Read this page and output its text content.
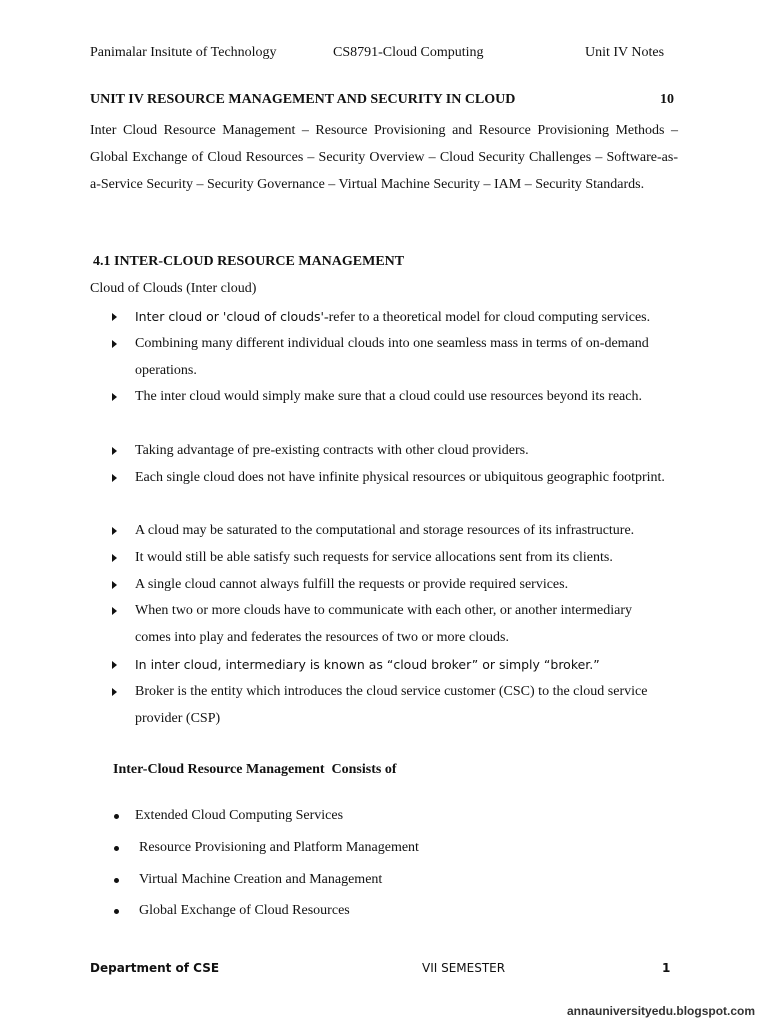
Panimalar Insitute of Technology	CS8791-Cloud Computing	Unit IV Notes
UNIT IV RESOURCE MANAGEMENT AND SECURITY IN CLOUD	10
Inter Cloud Resource Management – Resource Provisioning and Resource Provisioning Methods – Global Exchange of Cloud Resources – Security Overview – Cloud Security Challenges – Software-as-a-Service Security – Security Governance – Virtual Machine Security – IAM – Security Standards.
4.1 INTER-CLOUD RESOURCE MANAGEMENT
Cloud of Clouds (Inter cloud)
Inter cloud or 'cloud of clouds'-refer to a theoretical model for cloud computing services.
Combining many different individual clouds into one seamless mass in terms of on-demand operations.
The inter cloud would simply make sure that a cloud could use resources beyond its reach.
Taking advantage of pre-existing contracts with other cloud providers.
Each single cloud does not have infinite physical resources or ubiquitous geographic footprint.
A cloud may be saturated to the computational and storage resources of its infrastructure.
It would still be able satisfy such requests for service allocations sent from its clients.
A single cloud cannot always fulfill the requests or provide required services.
When two or more clouds have to communicate with each other, or another intermediary comes into play and federates the resources of two or more clouds.
In inter cloud, intermediary is known as “cloud broker” or simply “broker.”
Broker is the entity which introduces the cloud service customer (CSC) to the cloud service provider (CSP)
Inter-Cloud Resource Management  Consists of
Extended Cloud Computing Services
Resource Provisioning and Platform Management
Virtual Machine Creation and Management
Global Exchange of Cloud Resources
Department of CSE	VII SEMESTER	1
annauniversityedu.blogspot.com
